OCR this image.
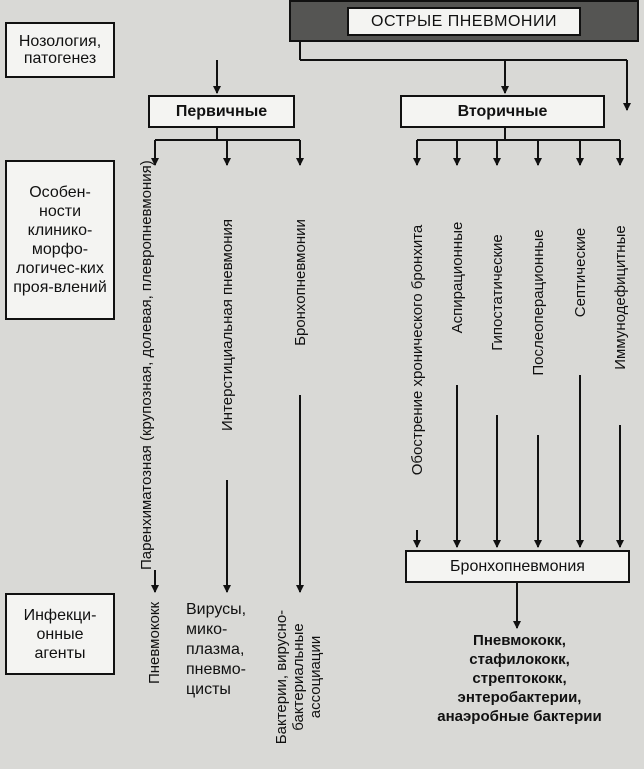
ОСТРЫЕ ПНЕВМОНИИ
Нозология, патогенез
Особен-ности клинико-морфо-логичес-ких проя-влений
Инфекци-онные агенты
Первичные	Вторичные
Паренхиматозная (крупозная, долевая, плевропневмония)	Интерстициальная пневмония	Бронхопневмонии	Обострение хронического бронхита Аспирационные Гипостатические Послеоперационные Септические Иммунодефицитные
Пневмококк Вирусы, мико-плазма, пневмо-цисты	Бактерии, вирусно-бактериальные ассоциации
Бронхопневмония
Пневмококк, стафилококк, стрептококк, энтеробактерии, анаэробные бактерии
